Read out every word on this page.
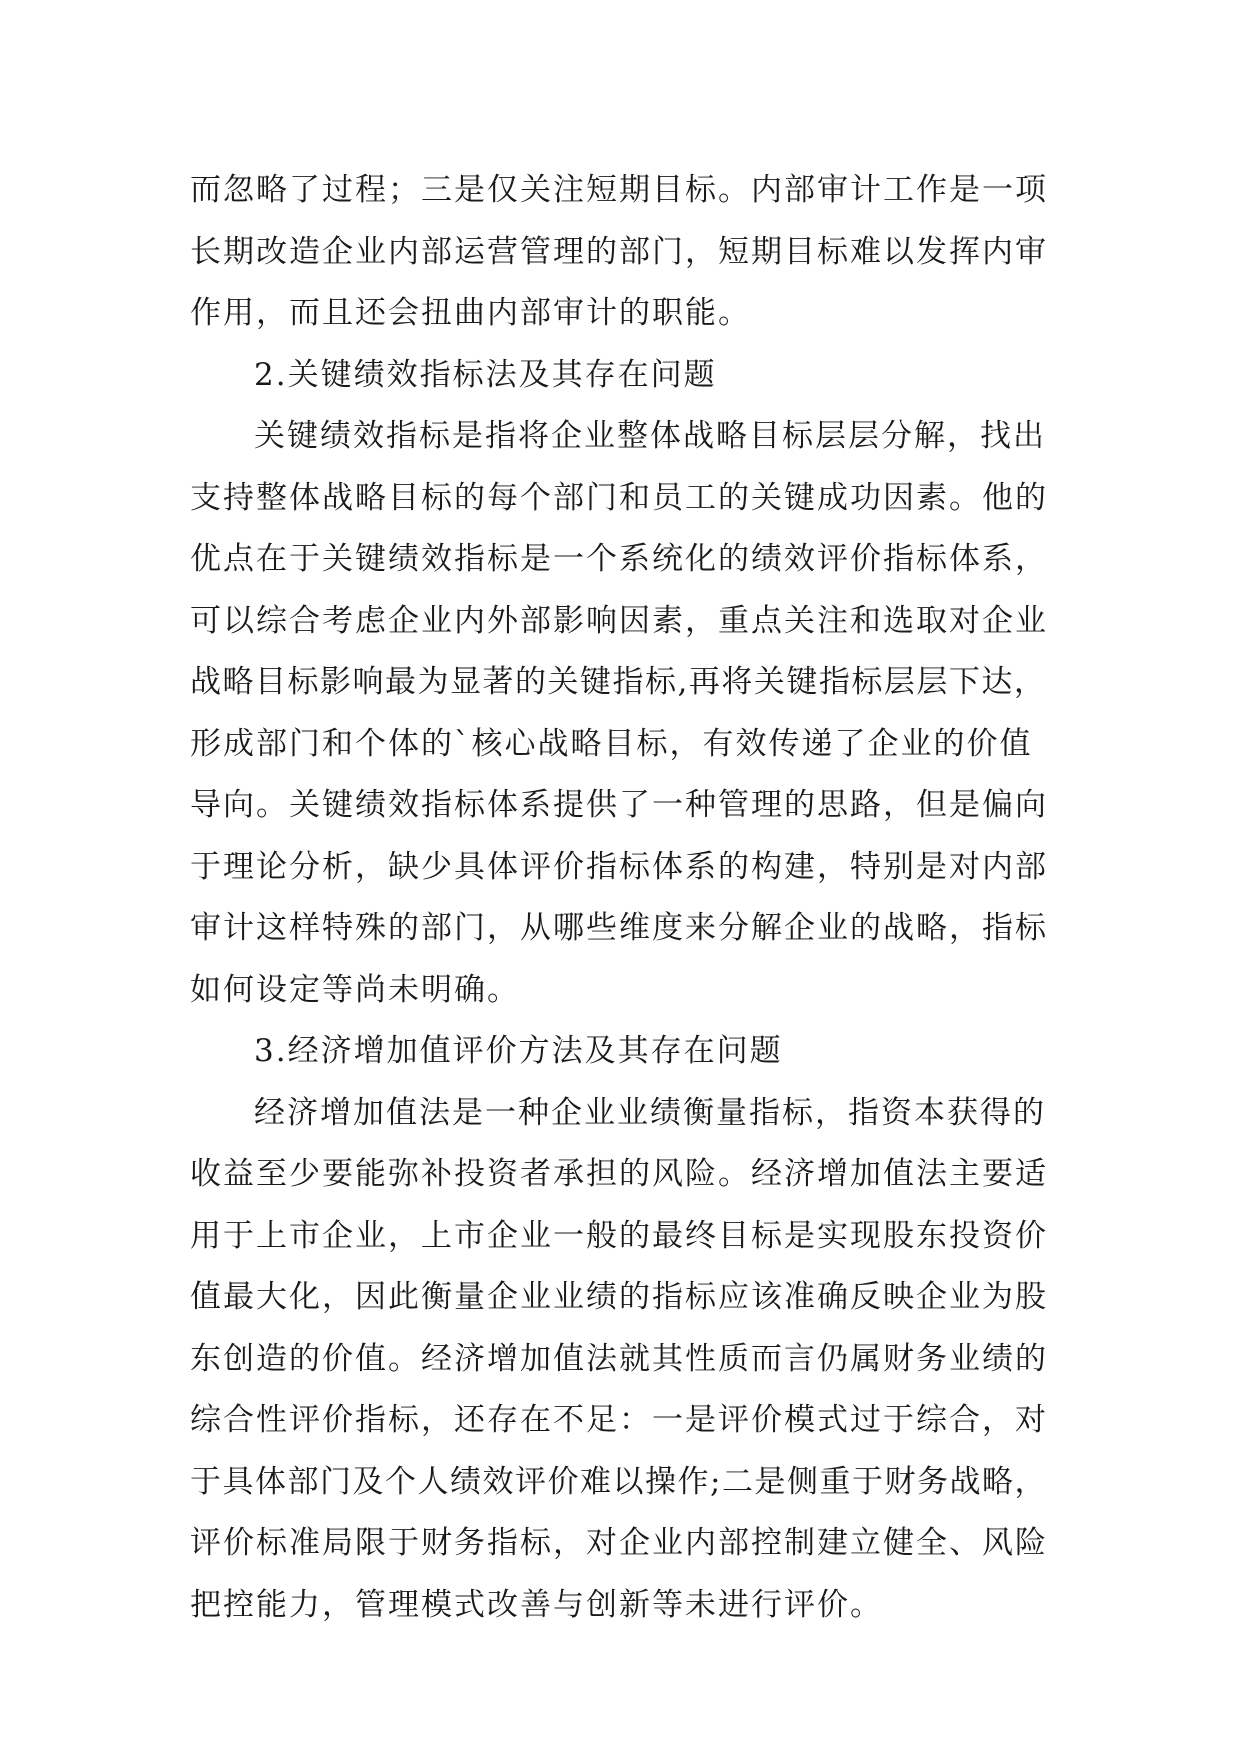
而忽略了过程；三是仅关注短期目标。内部审计工作是一项
长期改造企业内部运营管理的部门，短期目标难以发挥内审
作用，而且还会扭曲内部审计的职能。
2.关键绩效指标法及其存在问题
关键绩效指标是指将企业整体战略目标层层分解，找出
支持整体战略目标的每个部门和员工的关键成功因素。他的
优点在于关键绩效指标是一个系统化的绩效评价指标体系，
可以综合考虑企业内外部影响因素，重点关注和选取对企业
战略目标影响最为显著的关键指标,再将关键指标层层下达，
形成部门和个体的`核心战略目标，有效传递了企业的价值
导向。关键绩效指标体系提供了一种管理的思路，但是偏向
于理论分析，缺少具体评价指标体系的构建，特别是对内部
审计这样特殊的部门，从哪些维度来分解企业的战略，指标
如何设定等尚未明确。
3.经济增加值评价方法及其存在问题
经济增加值法是一种企业业绩衡量指标，指资本获得的
收益至少要能弥补投资者承担的风险。经济增加值法主要适
用于上市企业，上市企业一般的最终目标是实现股东投资价
值最大化，因此衡量企业业绩的指标应该准确反映企业为股
东创造的价值。经济增加值法就其性质而言仍属财务业绩的
综合性评价指标，还存在不足：一是评价模式过于综合，对
于具体部门及个人绩效评价难以操作;二是侧重于财务战略，
评价标准局限于财务指标，对企业内部控制建立健全、风险
把控能力，管理模式改善与创新等未进行评价。
